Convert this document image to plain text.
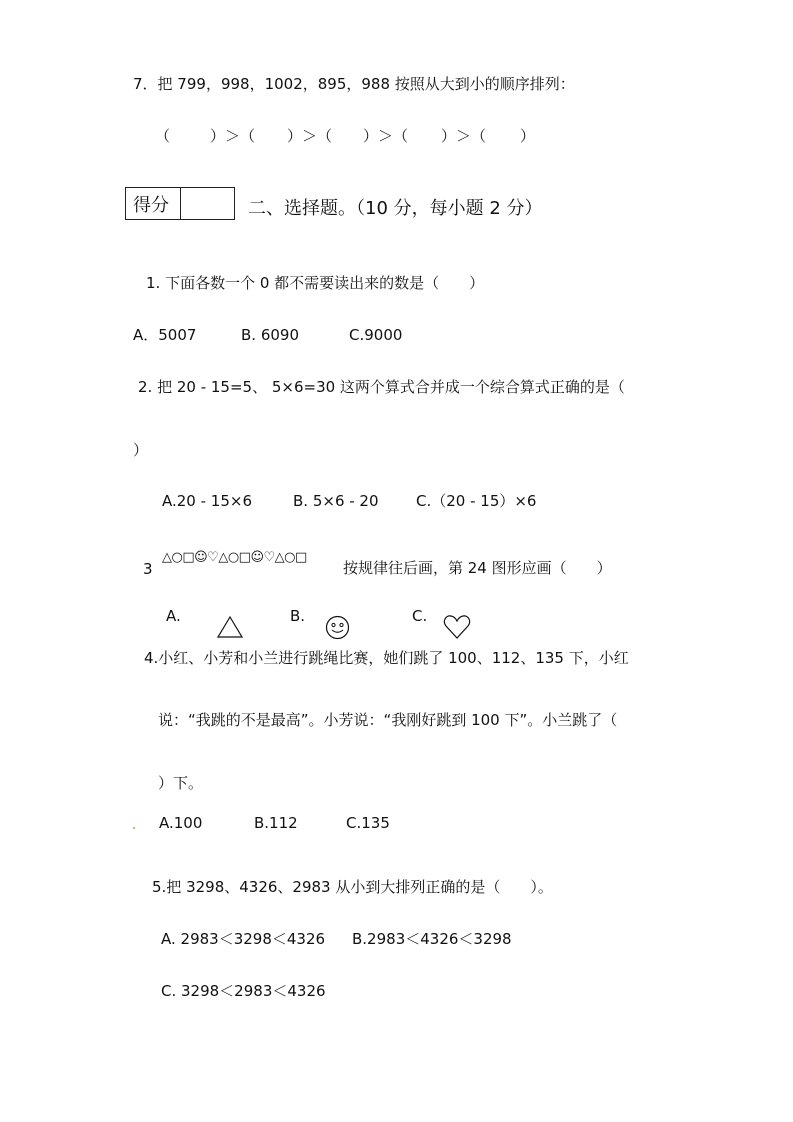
7．把 799，998，1002，895，988 按照从大到小的顺序排列：
（	）＞（ ）＞（ ）＞（ ）＞（ ）
得分	二、选择题。（10 分，每小题 2 分）
1. 下面各数一个 0 都不需要读出来的数是（　　）
A．5007	B. 6090	C.9000
2. 把 20 - 15=5、 5×6=30 这两个算式合并成一个综合算式正确的是（
）
A.20 - 15×6	B. 5×6 - 20 C.（20 - 15）×6
3
△○□☺♡△○□☺♡△○□
按规律往后画，第 24 图形应画（　　）
A.	B.	C.
4.小红、小芳和小兰进行跳绳比赛，她们跳了 100、112、135 下，小红
说：“我跳的不是最高”。小芳说：“我刚好跳到 100 下”。小兰跳了（
）下。
A.100	B.112	C.135
5.把 3298、4326、2983 从小到大排列正确的是（　　）。
A. 2983＜3298＜4326 B.2983＜4326＜3298
C. 3298＜2983＜4326
